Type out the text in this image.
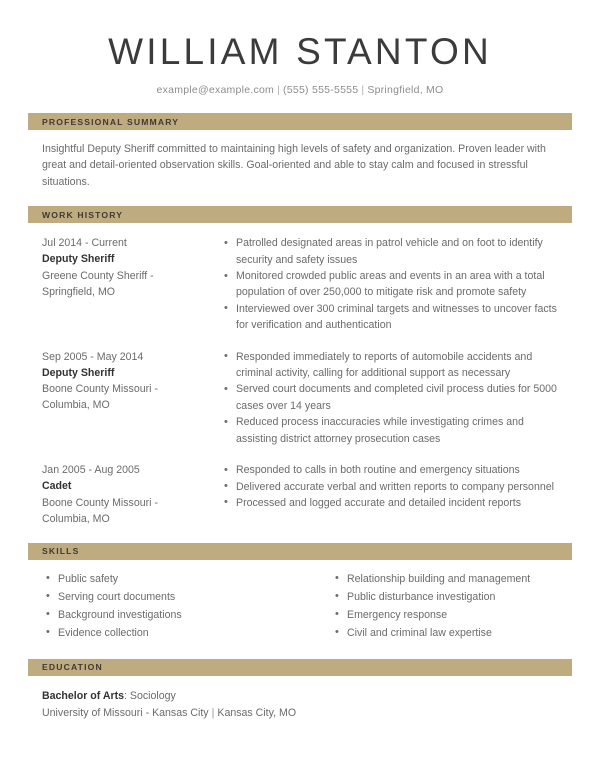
WILLIAM STANTON
example@example.com | (555) 555-5555 | Springfield, MO
PROFESSIONAL SUMMARY
Insightful Deputy Sheriff committed to maintaining high levels of safety and organization. Proven leader with great and detail-oriented observation skills. Goal-oriented and able to stay calm and focused in stressful situations.
WORK HISTORY
Jul 2014 - Current
Deputy Sheriff
Greene County Sheriff -
Springfield, MO
• Patrolled designated areas in patrol vehicle and on foot to identify security and safety issues
• Monitored crowded public areas and events in an area with a total population of over 250,000 to mitigate risk and promote safety
• Interviewed over 300 criminal targets and witnesses to uncover facts for verification and authentication
Sep 2005 - May 2014
Deputy Sheriff
Boone County Missouri -
Columbia, MO
• Responded immediately to reports of automobile accidents and criminal activity, calling for additional support as necessary
• Served court documents and completed civil process duties for 5000 cases over 14 years
• Reduced process inaccuracies while investigating crimes and assisting district attorney prosecution cases
Jan 2005 - Aug 2005
Cadet
Boone County Missouri -
Columbia, MO
• Responded to calls in both routine and emergency situations
• Delivered accurate verbal and written reports to company personnel
• Processed and logged accurate and detailed incident reports
SKILLS
• Public safety
• Serving court documents
• Background investigations
• Evidence collection
• Relationship building and management
• Public disturbance investigation
• Emergency response
• Civil and criminal law expertise
EDUCATION
Bachelor of Arts: Sociology
University of Missouri - Kansas City | Kansas City, MO
